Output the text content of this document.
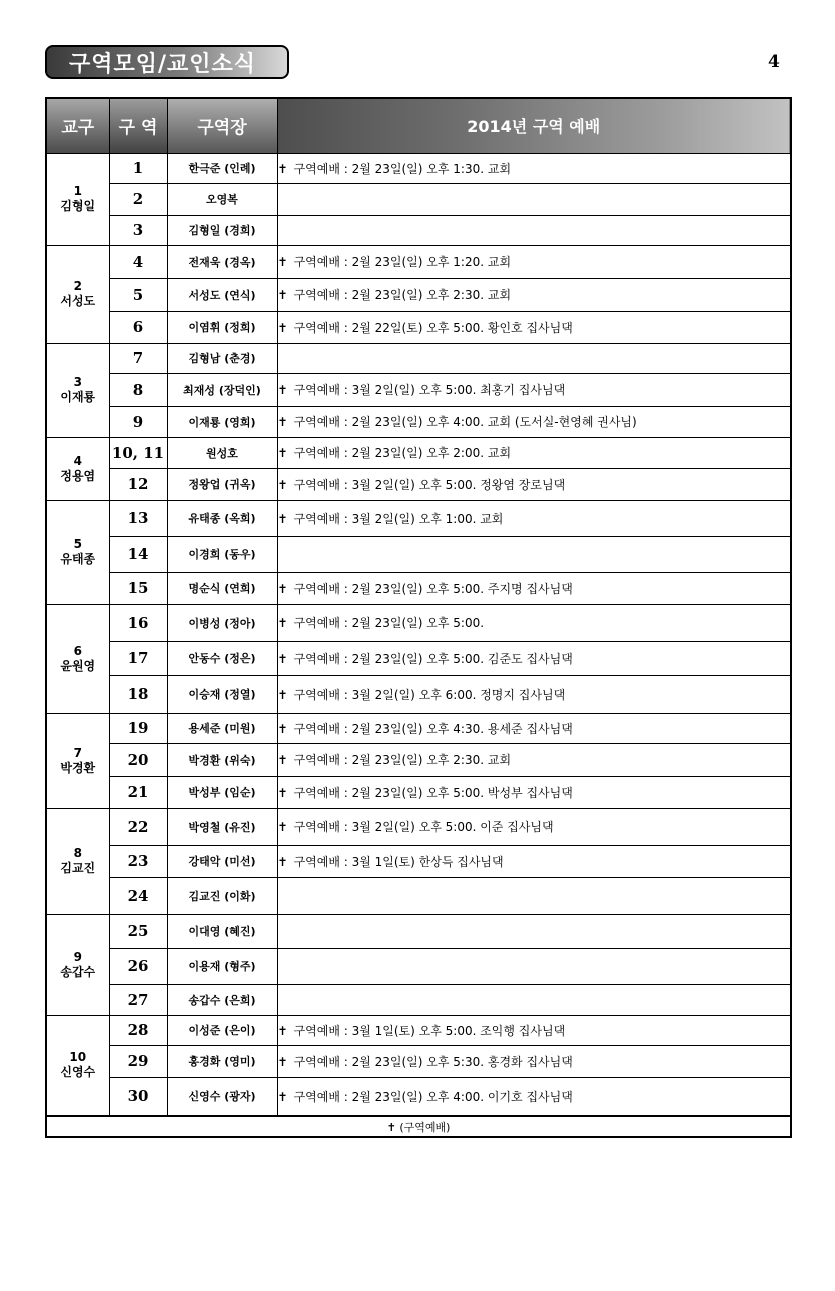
구역모임/교인소식	4
교구	구 역	구역장	2014년 구역 예배

1
김형일	1	한극준 (인례)	✝ 구역예배 : 2월 23일(일) 오후 1:30. 교회
	2	오영복	
	3	김형일 (경희)	

2
서성도	4	전재욱 (경옥)	✝ 구역예배 : 2월 23일(일) 오후 1:20. 교회
	5	서성도 (연식)	✝ 구역예배 : 2월 23일(일) 오후 2:30. 교회
	6	이염휘 (정희)	✝ 구역예배 : 2월 22일(토) 오후 5:00. 황인호 집사님댁

3
이재룡	7	김형남 (춘경)	
	8	최재성 (장덕인)	✝ 구역예배 : 3월 2일(일) 오후 5:00. 최홍기 집사님댁
	9	이재룡 (영희)	✝ 구역예배 : 2월 23일(일) 오후 4:00. 교회 (도서실-현영혜 권사님)

4
정용염	10, 11	원성호	✝ 구역예배 : 2월 23일(일) 오후 2:00. 교회
	12	정왕업 (귀옥)	✝ 구역예배 : 3월 2일(일) 오후 5:00. 정왕염 장로님댁

5
유태종	13	유태종 (옥희)	✝ 구역예배 : 3월 2일(일) 오후 1:00. 교회
	14	이경희 (동우)	
	15	명순식 (연희)	✝ 구역예배 : 2월 23일(일) 오후 5:00. 주지명 집사님댁

6
윤원영	16	이병성 (정아)	✝ 구역예배 : 2월 23일(일) 오후 5:00.
	17	안동수 (정은)	✝ 구역예배 : 2월 23일(일) 오후 5:00. 김준도 집사님댁
	18	이승재 (정열)	✝ 구역예배 : 3월 2일(일) 오후 6:00. 정명지 집사님댁

7
박경환	19	용세준 (미원)	✝ 구역예배 : 2월 23일(일) 오후 4:30. 용세준 집사님댁
	20	박경환 (위숙)	✝ 구역예배 : 2월 23일(일) 오후 2:30. 교회
	21	박성부 (임순)	✝ 구역예배 : 2월 23일(일) 오후 5:00. 박성부 집사님댁

8
김교진	22	박영철 (유진)	✝ 구역예배 : 3월 2일(일) 오후 5:00. 이준 집사님댁
	23	강태악 (미선)	✝ 구역예배 : 3월 1일(토) 한상득 집사님댁
	24	김교진 (이화)	

9
송갑수	25	이대영 (혜진)	
	26	이용재 (형주)	
	27	송갑수 (은희)	

10
신영수	28	이성준 (은이)	✝ 구역예배 : 3월 1일(토) 오후 5:00. 조익행 집사님댁
	29	홍경화 (영미)	✝ 구역예배 : 2월 23일(일) 오후 5:30. 홍경화 집사님댁
	30	신영수 (광자)	✝ 구역예배 : 2월 23일(일) 오후 4:00. 이기호 집사님댁
✝ (구역예배)			
